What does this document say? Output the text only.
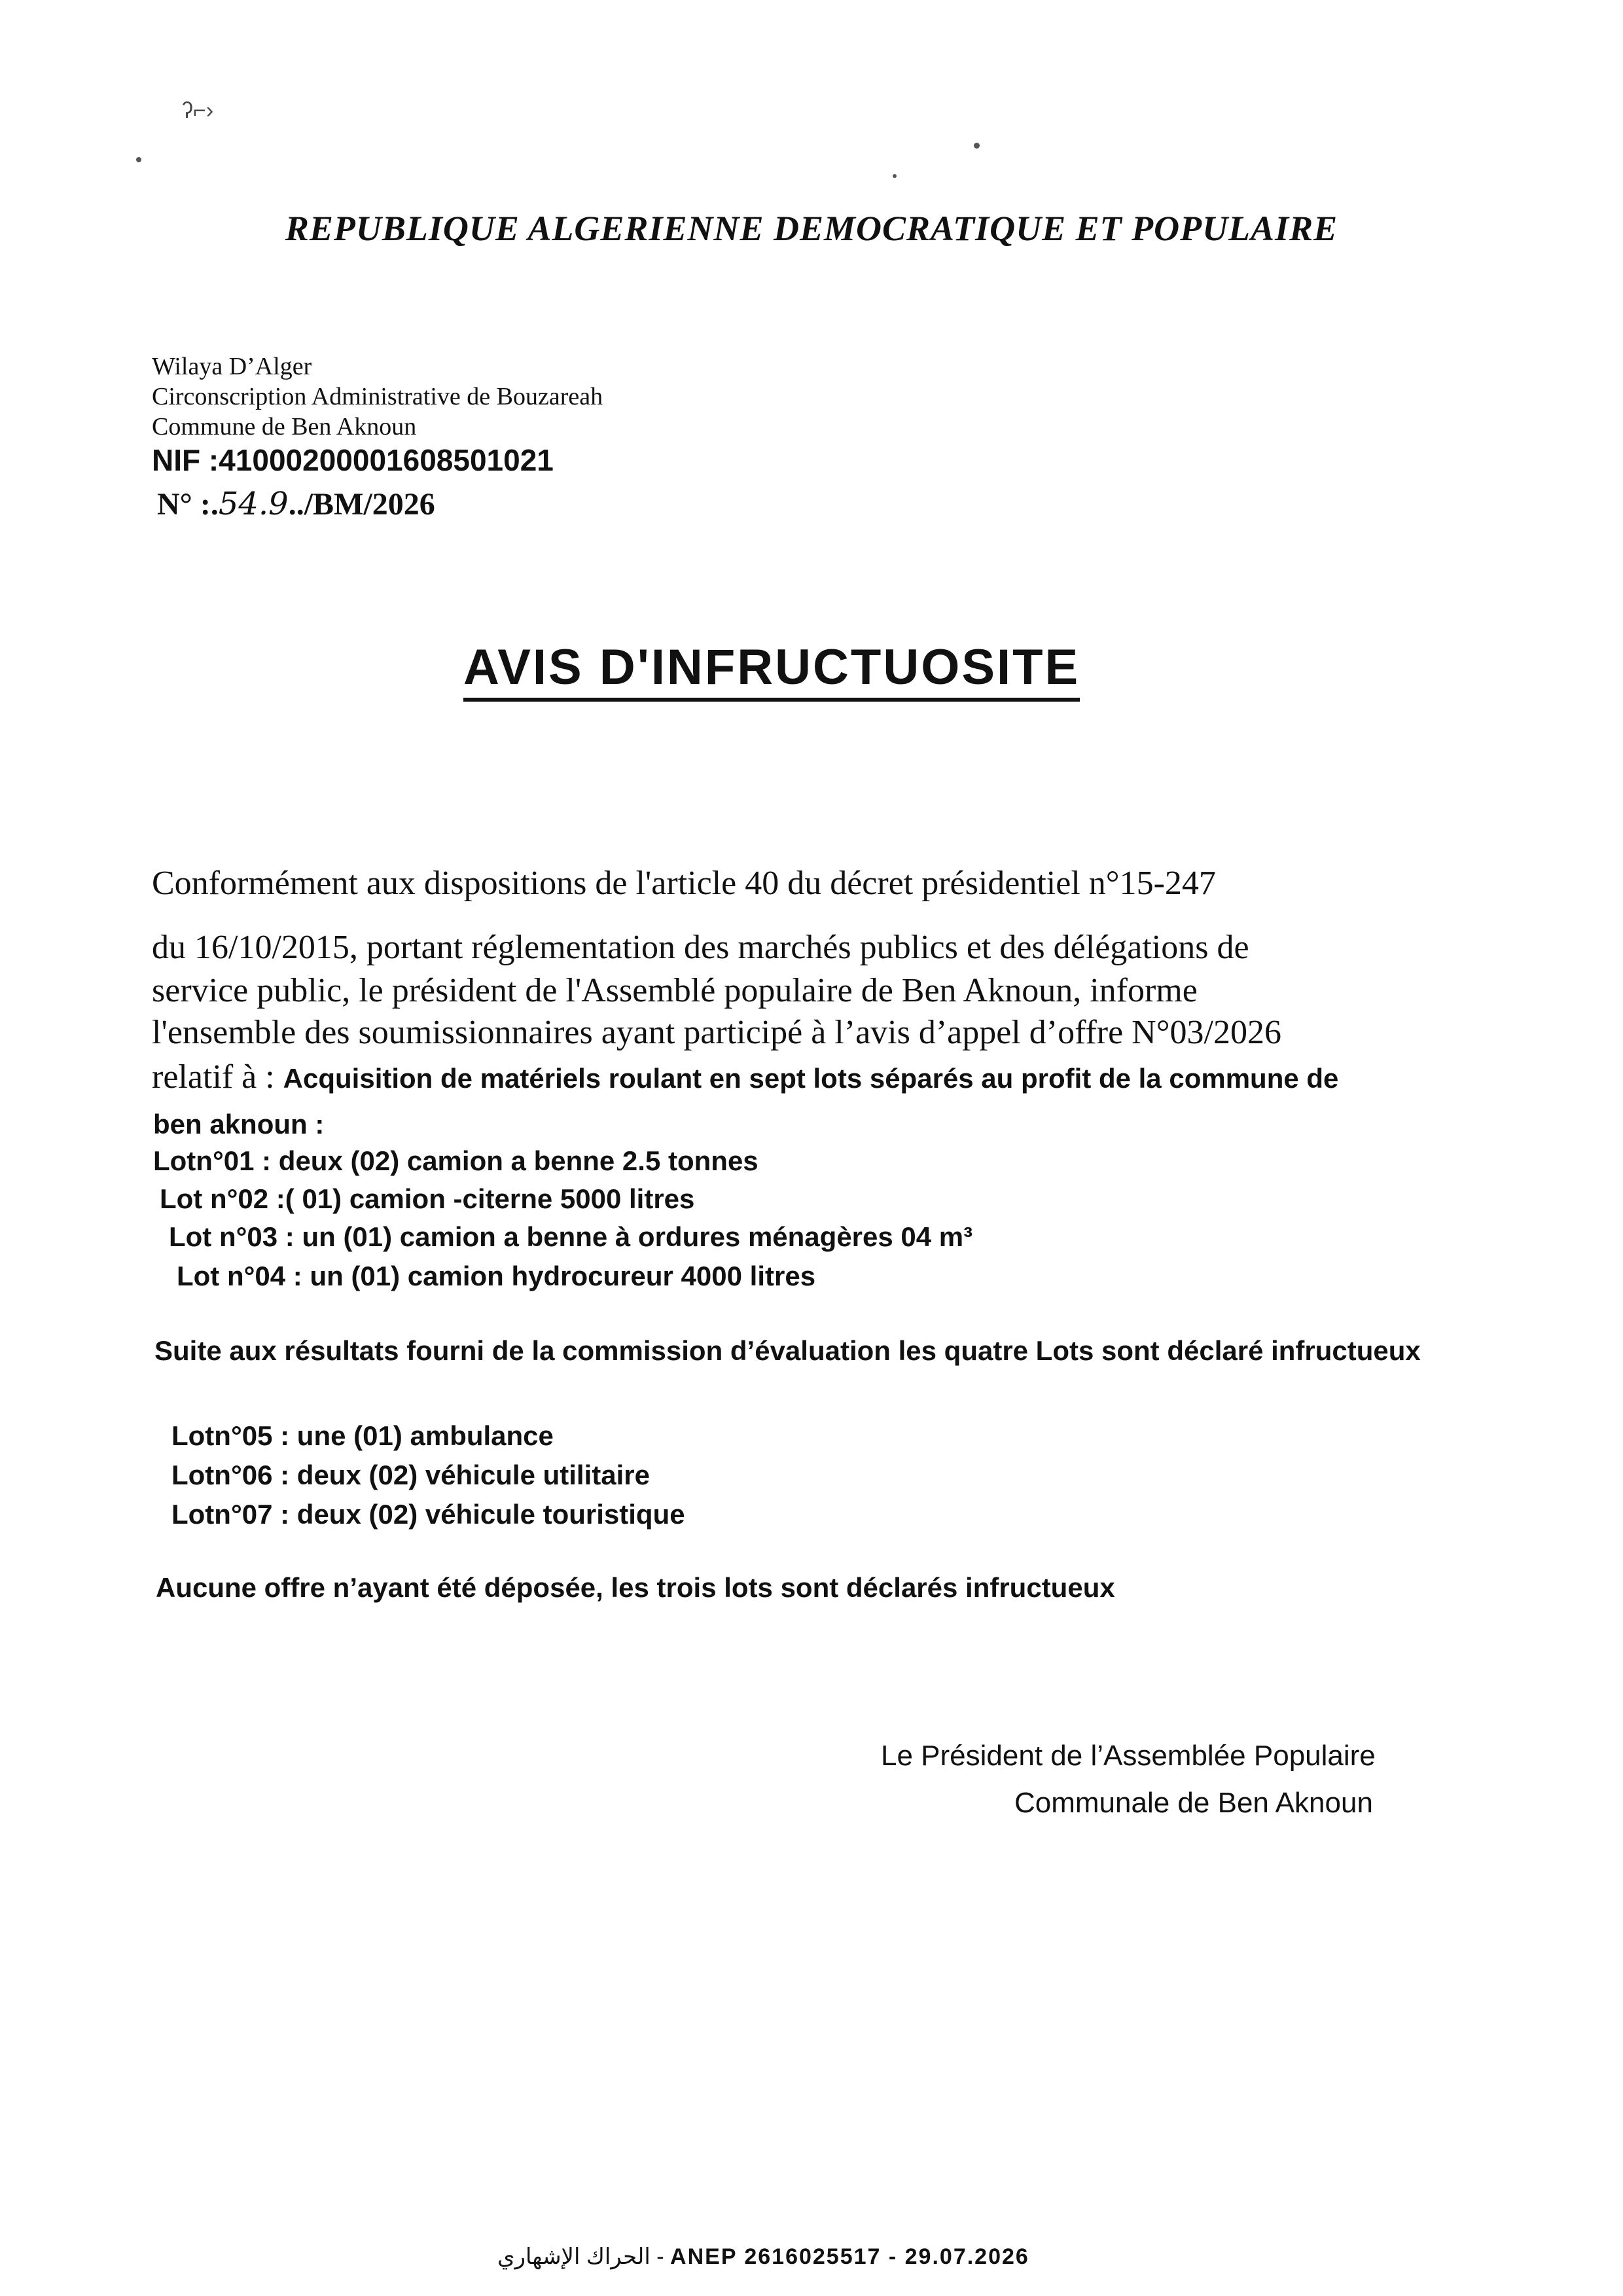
ʔ⌐›
REPUBLIQUE ALGERIENNE DEMOCRATIQUE ET POPULAIRE
Wilaya D’Alger
Circonscription Administrative de Bouzareah
Commune de Ben Aknoun
NIF :41000200001608501021
N° :.54.9../BM/2026
AVIS D'INFRUCTUOSITE
Conformément aux dispositions de l'article 40 du décret présidentiel n°15-247
du 16/10/2015, portant réglementation des marchés publics et des délégations de
service public, le président de l'Assemblé populaire de Ben Aknoun, informe
l'ensemble des soumissionnaires ayant participé à l’avis d’appel d’offre N°03/2026
relatif à : Acquisition de matériels roulant en sept lots séparés au profit de la commune de
ben aknoun :
Lotn°01 : deux (02) camion a benne 2.5 tonnes
Lot n°02 :( 01) camion -citerne 5000 litres
Lot n°03 : un (01) camion a benne à ordures ménagères 04 m³
Lot n°04 : un (01) camion hydrocureur 4000 litres
Suite aux résultats fourni de la commission d’évaluation les quatre Lots sont déclaré infructueux
Lotn°05 : une (01) ambulance
Lotn°06 : deux (02) véhicule utilitaire
Lotn°07 : deux (02) véhicule touristique
Aucune offre n’ayant été déposée, les trois lots sont déclarés infructueux
Le Président de l’Assemblée Populaire
Communale de Ben Aknoun
الحراك الإشهاري - ANEP 2616025517 - 29.07.2026
